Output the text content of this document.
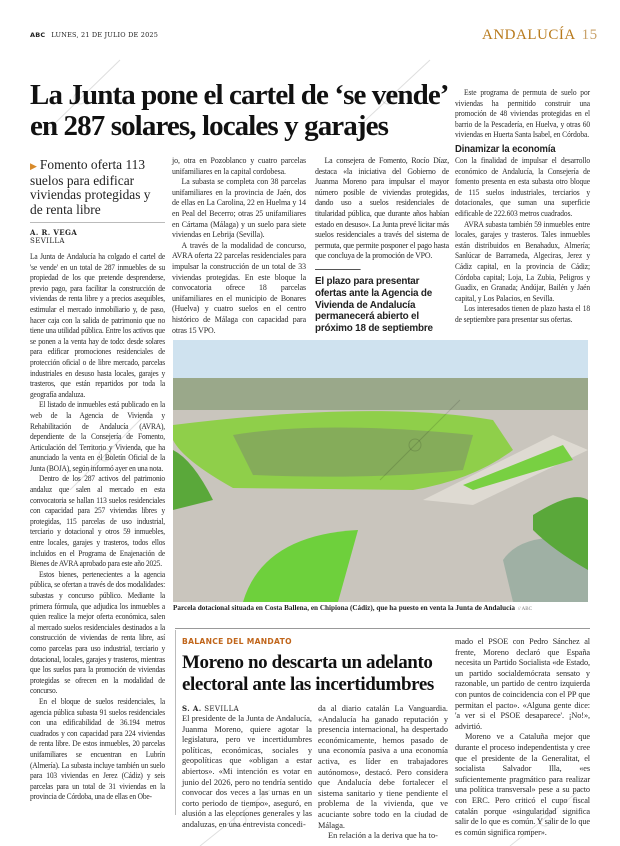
ABC LUNES, 21 DE JULIO DE 2025	ANDALUCÍA 15
La Junta pone el cartel de ‘se vende’ en 287 solares, locales y garajes
▶ Fomento oferta 113 suelos para edificar viviendas protegidas y de renta libre
A. R. VEGA
SEVILLA

La Junta de Andalucía ha colgado el cartel de 'se vende' en un total de 287 inmuebles de su propiedad de los que pretende desprenderse, previo pago, para facilitar la construcción de viviendas de renta libre y a precios asequibles, estimular el mercado inmobiliario y, de paso, hacer caja con la salida de patrimonio que no tiene una utilidad pública. Entre los activos que se ponen a la venta hay de todo: desde solares para edificar promociones residenciales de protección oficial o de libre mercado, parcelas industriales en desuso hasta locales, garajes y trasteros, que están repartidos por toda la geografía andaluza.

El listado de inmuebles está publicado en la web de la Agencia de Vivienda y Rehabilitación de Andalucía (AVRA), dependiente de la Consejería de Fomento, Articulación del Territorio y Vivienda, que ha anunciado la venta en el Boletín Oficial de la Junta (BOJA), según informó ayer en una nota.

Dentro de los 287 activos del patrimonio andaluz que salen al mercado en esta convocatoria se hallan 113 suelos residenciales con capacidad para 257 viviendas libres y protegidas, 115 parcelas de uso industrial, terciario y dotacional y otros 59 inmuebles, entre locales, garajes y trasteros, todos ellos incluidos en el Programa de Enajenación de Bienes de AVRA aprobado para este año 2025.

Estos bienes, pertenecientes a la agencia pública, se ofertan a través de dos modalidades: subastas y concurso público. Mediante la primera fórmula, que adjudica los inmuebles a quien realice la mejor oferta económica, salen al mercado suelos residenciales destinados a la construcción de viviendas de renta libre, así como parcelas para uso industrial, terciario y dotacional, locales, garajes y trasteros, mientras que los suelos para la promoción de viviendas protegidas se ofrecen en la modalidad de concurso.

En el bloque de suelos residenciales, la agencia pública subasta 91 suelos residenciales con una edificabilidad de 36.194 metros cuadrados y con capacidad para 224 viviendas de renta libre. De estos inmuebles, 20 parcelas unifamiliares se encuentran en Lubrín (Almería). La subasta incluye también un suelo para 103 viviendas en Jerez (Cádiz) y seis parcelas para un total de 31 viviendas en la provincia de Córdoba, una de ellas en Obe-

jo, otra en Pozoblanco y cuatro parcelas unifamiliares en la capital cordobesa.

La subasta se completa con 38 parcelas unifamiliares en la provincia de Jaén, dos de ellas en La Carolina, 22 en Huelma y 14 en Peal del Becerro; otras 25 unifamiliares en Cártama (Málaga) y un suelo para siete viviendas en Lebrija (Sevilla).

A través de la modalidad de concurso, AVRA oferta 22 parcelas residenciales para impulsar la construcción de un total de 33 viviendas protegidas. En este bloque la convocatoria ofrece 18 parcelas unifamiliares en el municipio de Bonares (Huelva) y cuatro suelos en el centro histórico de Málaga con capacidad para otras 15 VPO.

La consejera de Fomento, Rocío Díaz, destaca «la iniciativa del Gobierno de Juanma Moreno para impulsar el mayor número posible de viviendas protegidas, dando uso a suelos residenciales de titularidad pública, que durante años habían estado en desuso». La Junta prevé licitar más suelos residenciales a través del sistema de permuta, que permite posponer el pago hasta que concluya de la promoción de VPO.

El plazo para presentar ofertas ante la Agencia de Vivienda de Andalucía permanecerá abierto el próximo 18 de septiembre

Este programa de permuta de suelo por viviendas ha permitido construir una promoción de 48 viviendas protegidas en el barrio de la Pescadería, en Huelva, y otras 60 viviendas en Huerta Santa Isabel, en Córdoba.

Dinamizar la economía

Con la finalidad de impulsar el desarrollo económico de Andalucía, la Consejería de fomento presenta en esta subasta otro bloque de 115 suelos industriales, terciarios y dotacionales, que suman una superficie edificable de 222.603 metros cuadrados.

AVRA subasta también 59 inmuebles entre locales, garajes y trasteros. Tales inmuebles están distribuidos en Benahadux, Almería; Sanlúcar de Barrameda, Algeciras, Jerez y Cádiz capital, en la provincia de Cádiz; Córdoba capital; Loja, La Zubia, Peligros y Guadix, en Granada; Andújar, Bailén y Jaén capital, y Los Palacios, en Sevilla.

Los interesados tienen de plazo hasta el 18 de septiembre para presentar sus ofertas.

Parcela dotacional situada en Costa Ballena, en Chipiona (Cádiz), que ha puesto en venta la Junta de Andalucía // ABC
BALANCE DEL MANDATO
Moreno no descarta un adelanto electoral ante las incertidumbres
S. A. SEVILLA

El presidente de la Junta de Andalucía, Juanma Moreno, quiere agotar la legislatura, pero ve incertidumbres políticas, económicas, sociales y geopolíticas que «obligan a estar abiertos». «Mi intención es votar en junio del 2026, pero no tendría sentido convocar dos veces a las urnas en un corto periodo de tiempo», aseguró, en alusión a las elecciones generales y las andaluzas, en una entrevista concedi-

da al diario catalán La Vanguardia. «Andalucía ha ganado reputación y presencia internacional, ha despertado económicamente, hemos pasado de una economía pasiva a una economía activa, es líder en trabajadores autónomos», destacó. Pero considera que Andalucía debe fortalecer el sistema sanitario y tiene pendiente el problema de la vivienda, que ve acuciante sobre todo en la ciudad de Málaga.

En relación a la deriva que ha to-

mado el PSOE con Pedro Sánchez al frente, Moreno declaró que España necesita un Partido Socialista «de Estado, un partido socialdemócrata sensato y razonable, un partido de centro izquierda con puntos de coincidencia con el PP que permitan el pacto». «Alguna gente dice: 'a ver si el PSOE desaparece'. ¡No!», advirtió.

Moreno ve a Cataluña mejor que durante el proceso independentista y cree que el presidente de la Generalitat, el socialista Salvador Illa, «es suficientemente pragmático para realizar una política transversal» pese a su pacto con ERC. Pero criticó el cupo fiscal catalán porque «singularidad significa salir de lo que es común. Y salir de lo que es común significa romper».
